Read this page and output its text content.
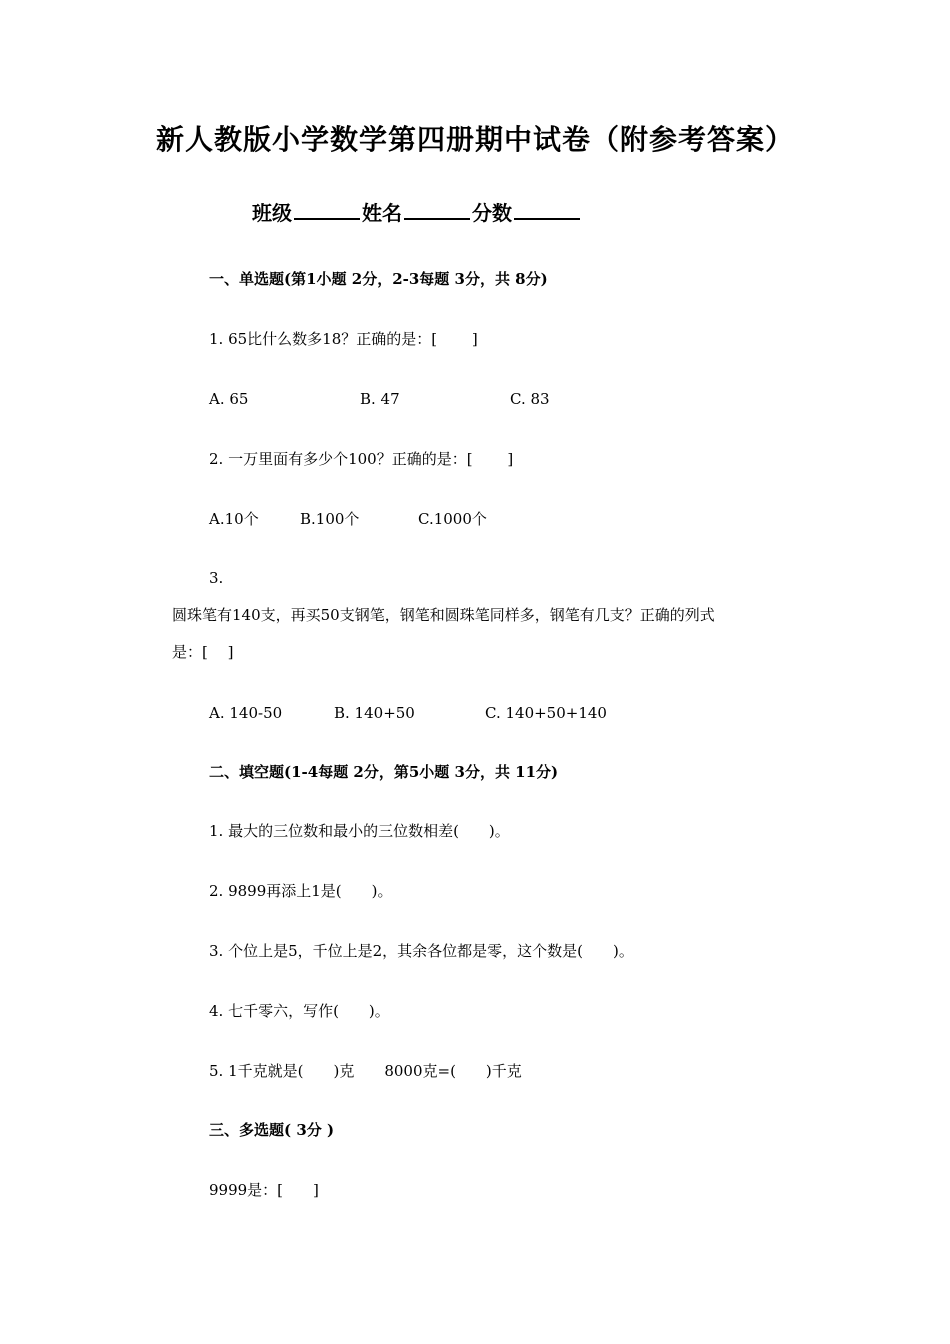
新人教版小学数学第四册期中试卷（附参考答案）
班级	姓名	分数
一、单选题(第1小题 2分，2-3每题 3分，共 8分)
1. 65比什么数多18？正确的是：[　　 ]
A. 65	B. 47	C. 83
2. 一万里面有多少个100？正确的是：[　　 ]
A.10个	B.100个	C.1000个
3.
圆珠笔有140支，再买50支钢笔，钢笔和圆珠笔同样多，钢笔有几支？正确的列式
是：[　 ]
A. 140-50	B. 140+50	C. 140+50+140
二、填空题(1-4每题 2分，第5小题 3分，共 11分)
1. 最大的三位数和最小的三位数相差(　　)。
2. 9899再添上1是(　　)。
3. 个位上是5，千位上是2，其余各位都是零，这个数是(　　)。
4. 七千零六，写作(　　)。
5. 1千克就是(　　)克　　8000克=(　　)千克
三、多选题( 3分 )
9999是：[　　]
